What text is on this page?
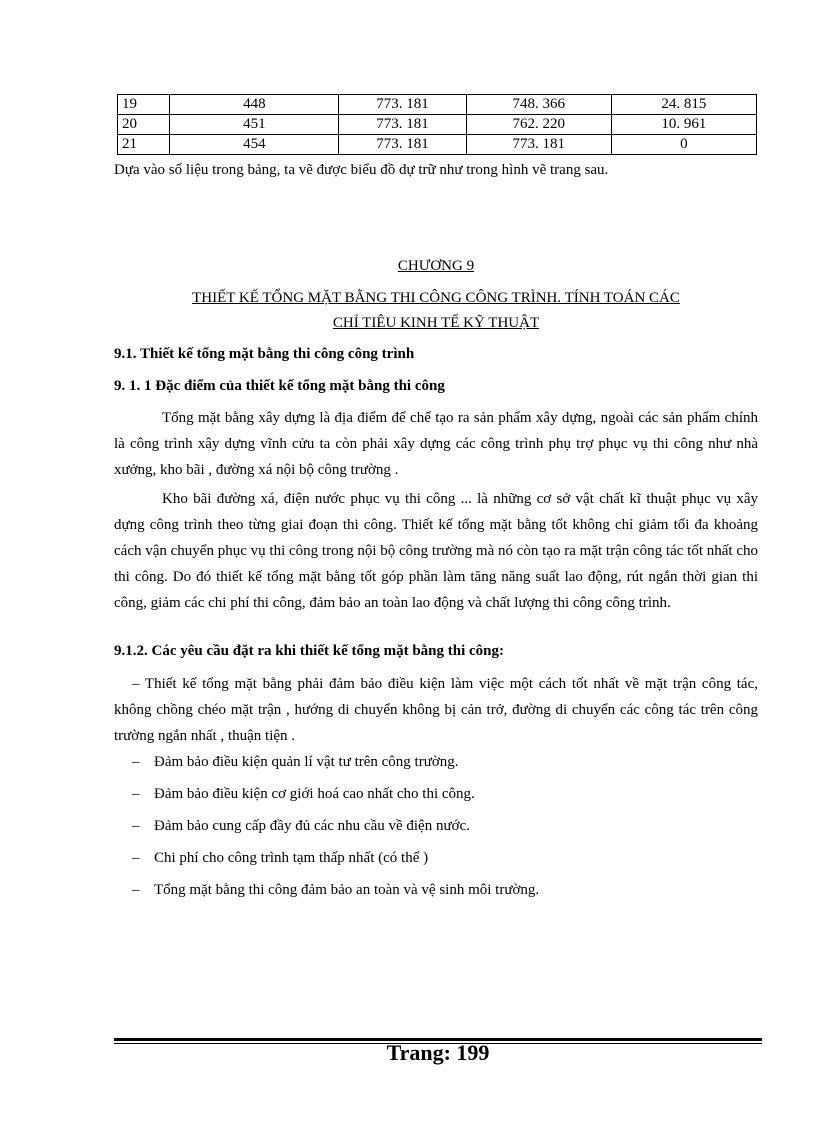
19	448	773. 181	748. 366	24. 815
20	451	773. 181	762. 220	10. 961
21	454	773. 181	773. 181	0
Dựa vào số liệu trong bảng, ta vẽ được biểu đồ dự trữ như trong hình vẽ trang sau.
CHƯƠNG 9
THIẾT KẾ TỔNG MẶT BẰNG THI CÔNG CÔNG TRÌNH. TÍNH TOÁN CÁC
CHỈ TIÊU KINH TẾ KỸ THUẬT
9.1. Thiết kế tổng mặt bằng thi công công trình
9. 1. 1 Đặc điểm của thiết kế tổng mặt bằng thi công
Tổng mặt bằng xây dựng là địa điểm để chế tạo ra sản phẩm xây dựng, ngoài các sản phẩm chính là công trình xây dựng vĩnh cửu ta còn phải xây dựng các công trình phụ trợ phục vụ thi công như nhà xưởng, kho bãi , đường xá nội bộ công trường .
Kho bãi đường xá, điện nước phục vụ thi công ... là những cơ sở vật chất kĩ thuật phục vụ xây dựng công trình theo từng giai đoạn thi công. Thiết kế tổng mặt bằng tốt không chỉ giảm tối đa khoảng cách vận chuyển phục vụ thi công trong nội bộ công trường mà nó còn tạo ra mặt trận công tác tốt nhất cho thi công. Do đó thiết kế tổng mặt bằng tốt góp phần làm tăng năng suất lao động, rút ngắn thời gian thi công, giảm các chi phí thi công, đảm bảo an toàn lao động và chất lượng thi công công trình.
9.1.2. Các yêu cầu đặt ra khi thiết kế tổng mặt bằng thi công:
– Thiết kế tổng mặt bằng phải đảm bảo điều kiện làm việc một cách tốt nhất về mặt trận công tác, không chồng chéo mặt trận , hướng di chuyển không bị cản trở, đường di chuyển các công tác trên công trường ngắn nhất , thuận tiện .
– Đảm bảo điều kiện quản lí vật tư trên công trường.
– Đảm bảo điều kiện cơ giới hoá cao nhất cho thi công.
– Đảm bảo cung cấp đầy đủ các nhu cầu về điện nước.
– Chi phí cho công trình tạm thấp nhất (có thể )
– Tổng mặt bằng thi công đảm bảo an toàn và vệ sinh môi trường.
Trang: 199
